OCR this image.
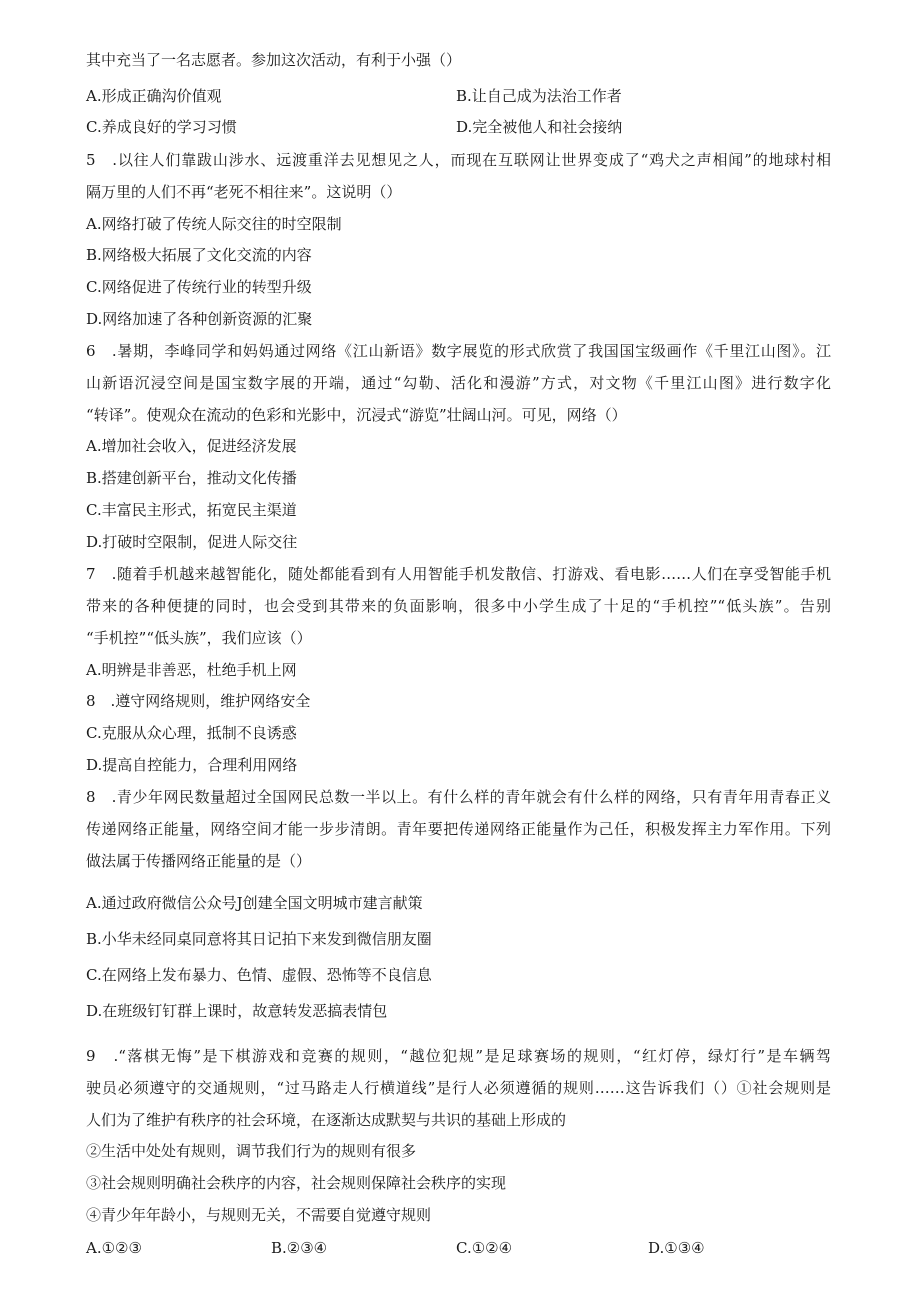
其中充当了一名志愿者。参加这次活动，有利于小强（）
A.形成正确沟价值观	B.让自己成为法治工作者
C.养成良好的学习习惯	D.完全被他人和社会接纳
5　.以往人们靠跋山涉水、远渡重洋去见想见之人，而现在互联网让世界变成了“鸡犬之声相闻”的地球村相
隔万里的人们不再“老死不相往来”。这说明（）
A.网络打破了传统人际交往的时空限制
B.网络极大拓展了文化交流的内容
C.网络促进了传统行业的转型升级
D.网络加速了各种创新资源的汇聚
6　.暑期，李峰同学和妈妈通过网络《江山新语》数字展览的形式欣赏了我国国宝级画作《千里江山图》。江
山新语沉浸空间是国宝数字展的开端，通过“勾勒、活化和漫游”方式，对文物《千里江山图》进行数字化
“转译”。使观众在流动的色彩和光影中，沉浸式“游览”壮阔山河。可见，网络（）
A.增加社会收入，促进经济发展
B.搭建创新平台，推动文化传播
C.丰富民主形式，拓宽民主渠道
D.打破时空限制，促进人际交往
7　.随着手机越来越智能化，随处都能看到有人用智能手机发散信、打游戏、看电影……人们在享受智能手机
带来的各种便捷的同时，也会受到其带来的负面影响，很多中小学生成了十足的“手机控”“低头族”。告别
“手机控”“低头族”，我们应该（）
A.明辨是非善恶，杜绝手机上网
8　.遵守网络规则，维护网络安全
C.克服从众心理，抵制不良诱惑
D.提高自控能力，合理利用网络
8　.青少年网民数量超过全国网民总数一半以上。有什么样的青年就会有什么样的网络，只有青年用青春正义
传递网络正能量，网络空间才能一步步清朗。青年要把传递网络正能量作为己任，积极发挥主力军作用。下列
做法属于传播网络正能量的是（）
A.通过政府微信公众号J创建全国文明城市建言献策
B.小华未经同桌同意将其日记拍下来发到微信朋友圈
C.在网络上发布暴力、色情、虚假、恐怖等不良信息
D.在班级钉钉群上课时，故意转发恶搞表情包
9　.“落棋无悔”是下棋游戏和竞赛的规则，“越位犯规”是足球赛场的规则，“红灯停，绿灯行”是车辆驾
驶员必须遵守的交通规则，“过马路走人行横道线”是行人必须遵循的规则……这告诉我们（）①社会规则是
人们为了维护有秩序的社会环境，在逐渐达成默契与共识的基础上形成的
②生活中处处有规则，调节我们行为的规则有很多
③社会规则明确社会秩序的内容，社会规则保障社会秩序的实现
④青少年年龄小，与规则无关，不需要自觉遵守规则
A.①②③	B.②③④	C.①②④	D.①③④
